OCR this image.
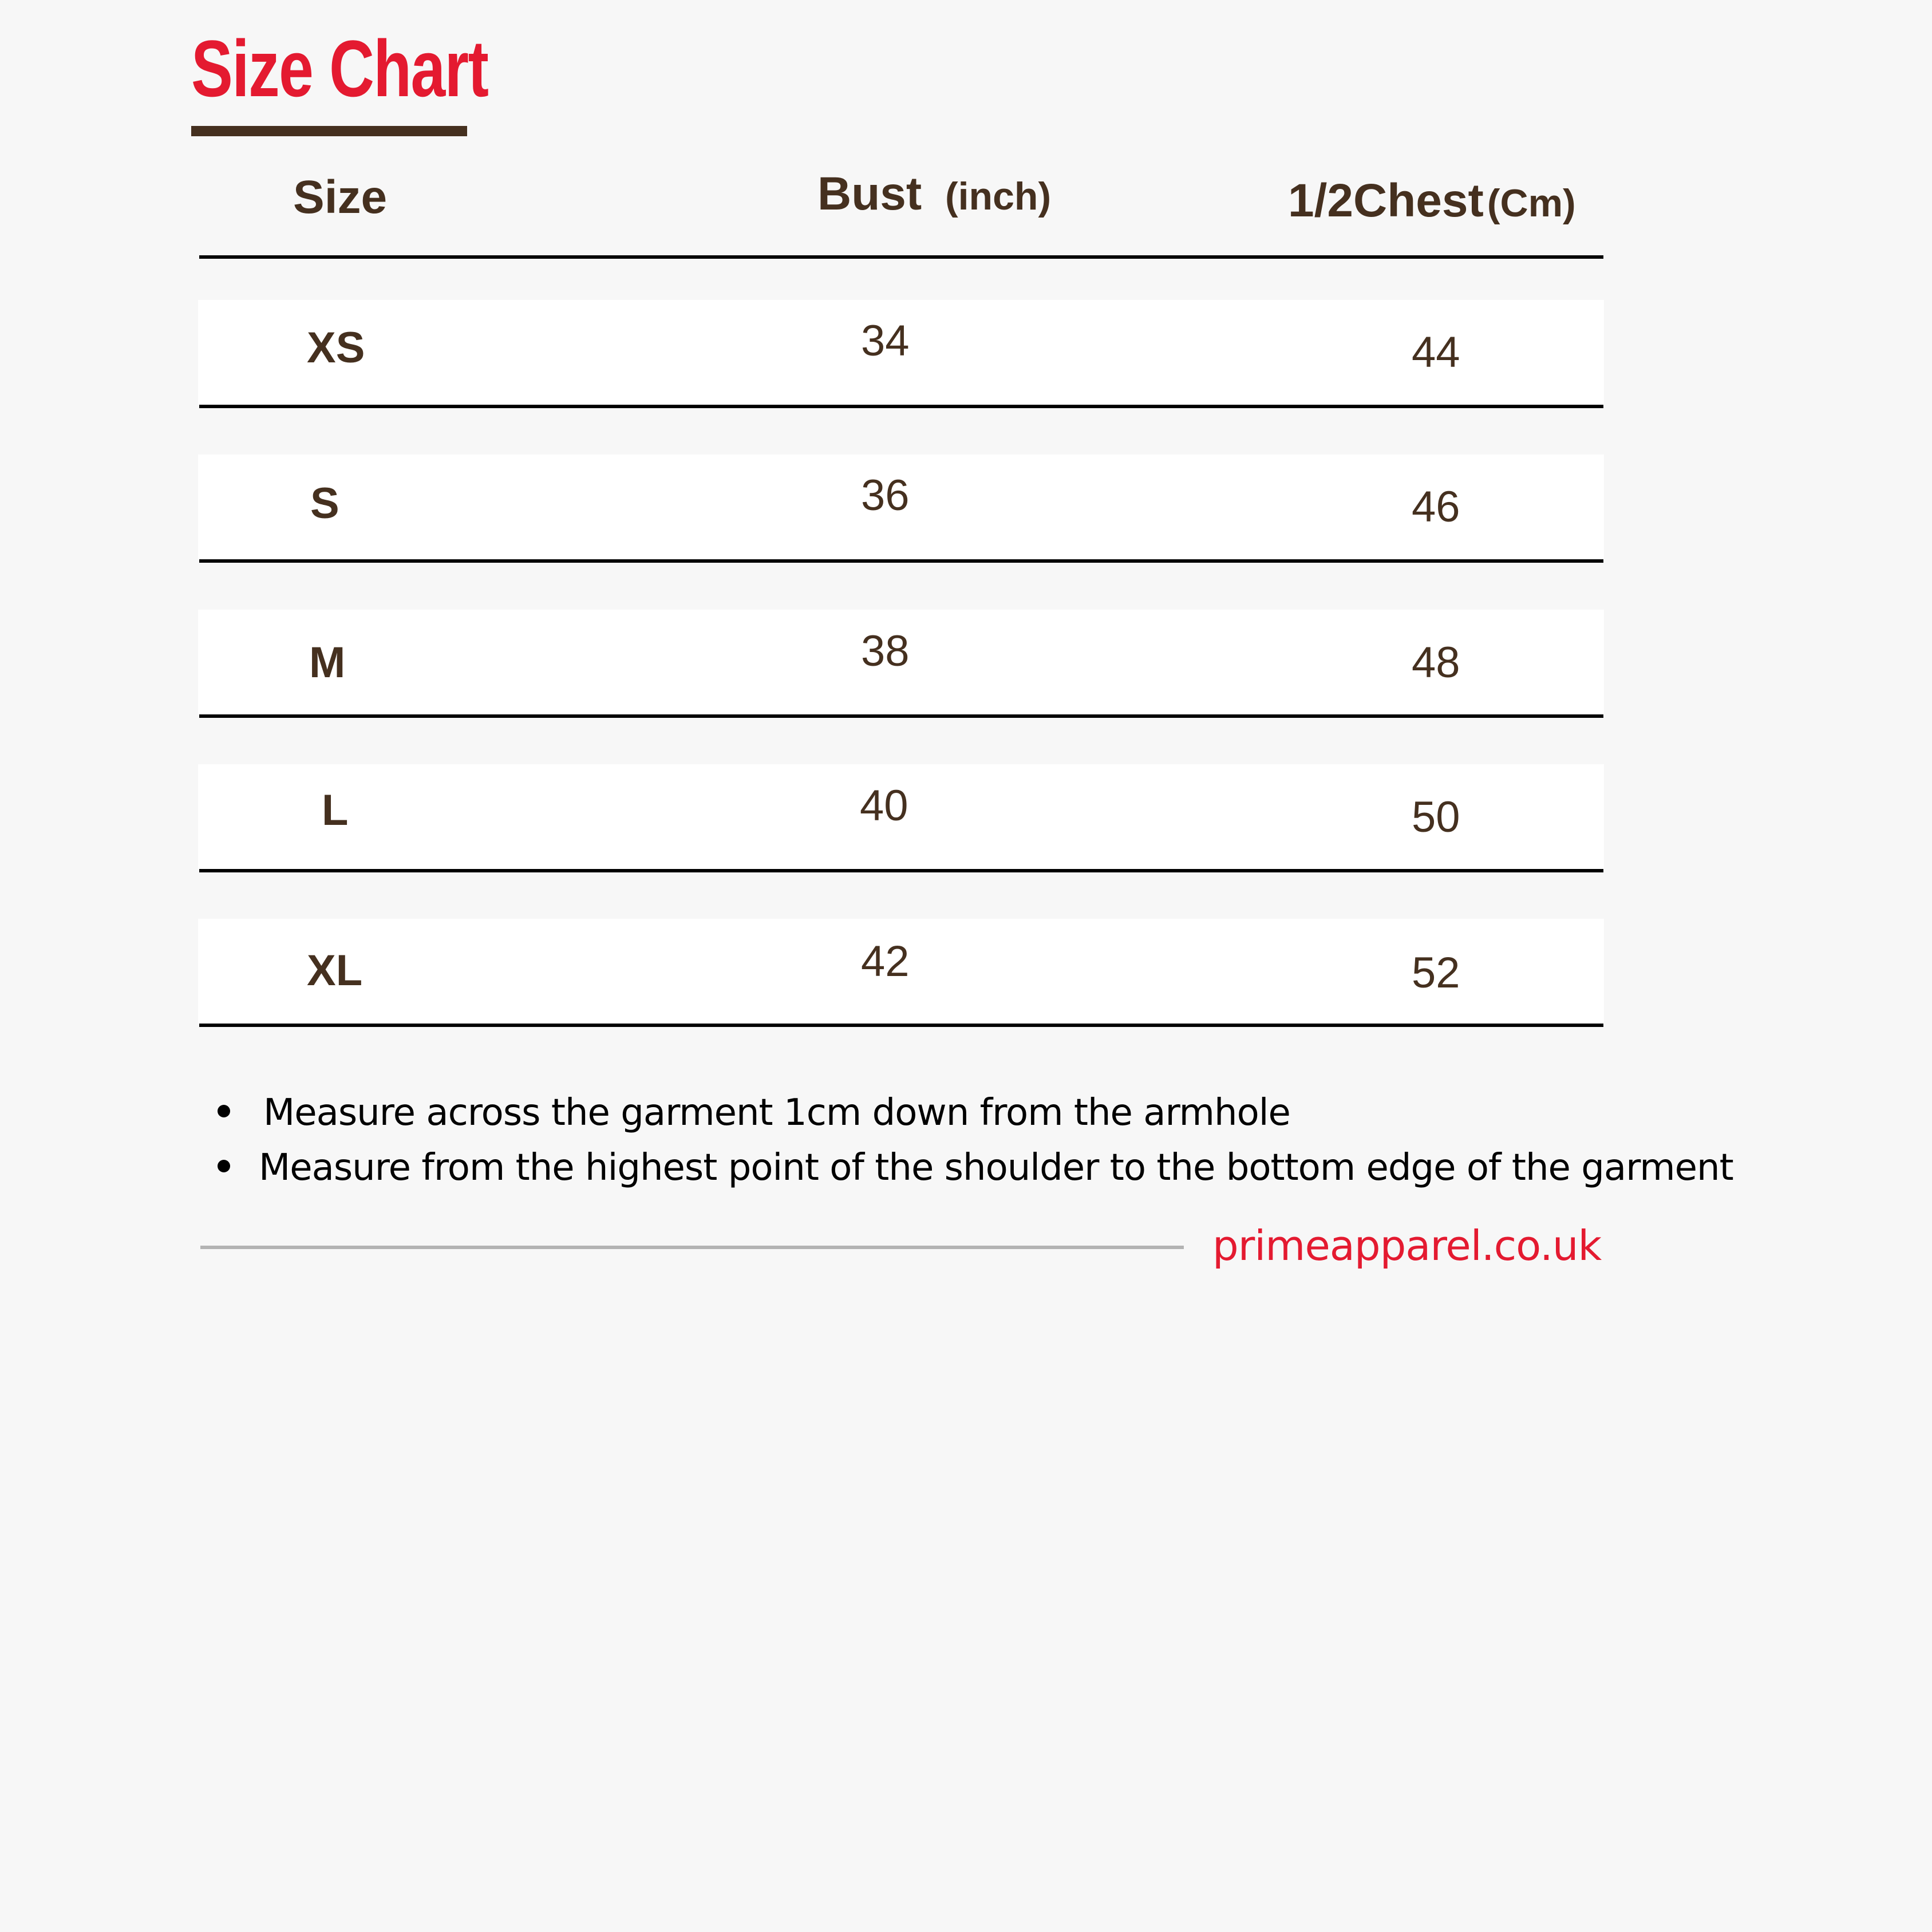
Size Chart
Size	Bust (inch)	1/2Chest(Cm)
XS	34	44
S	36	46
M	38	48
L	40	50
XL	42	52
Measure across the garment 1cm down from the armhole
Measure from the highest point of the shoulder to the bottom edge of the garment
primeapparel.co.uk
